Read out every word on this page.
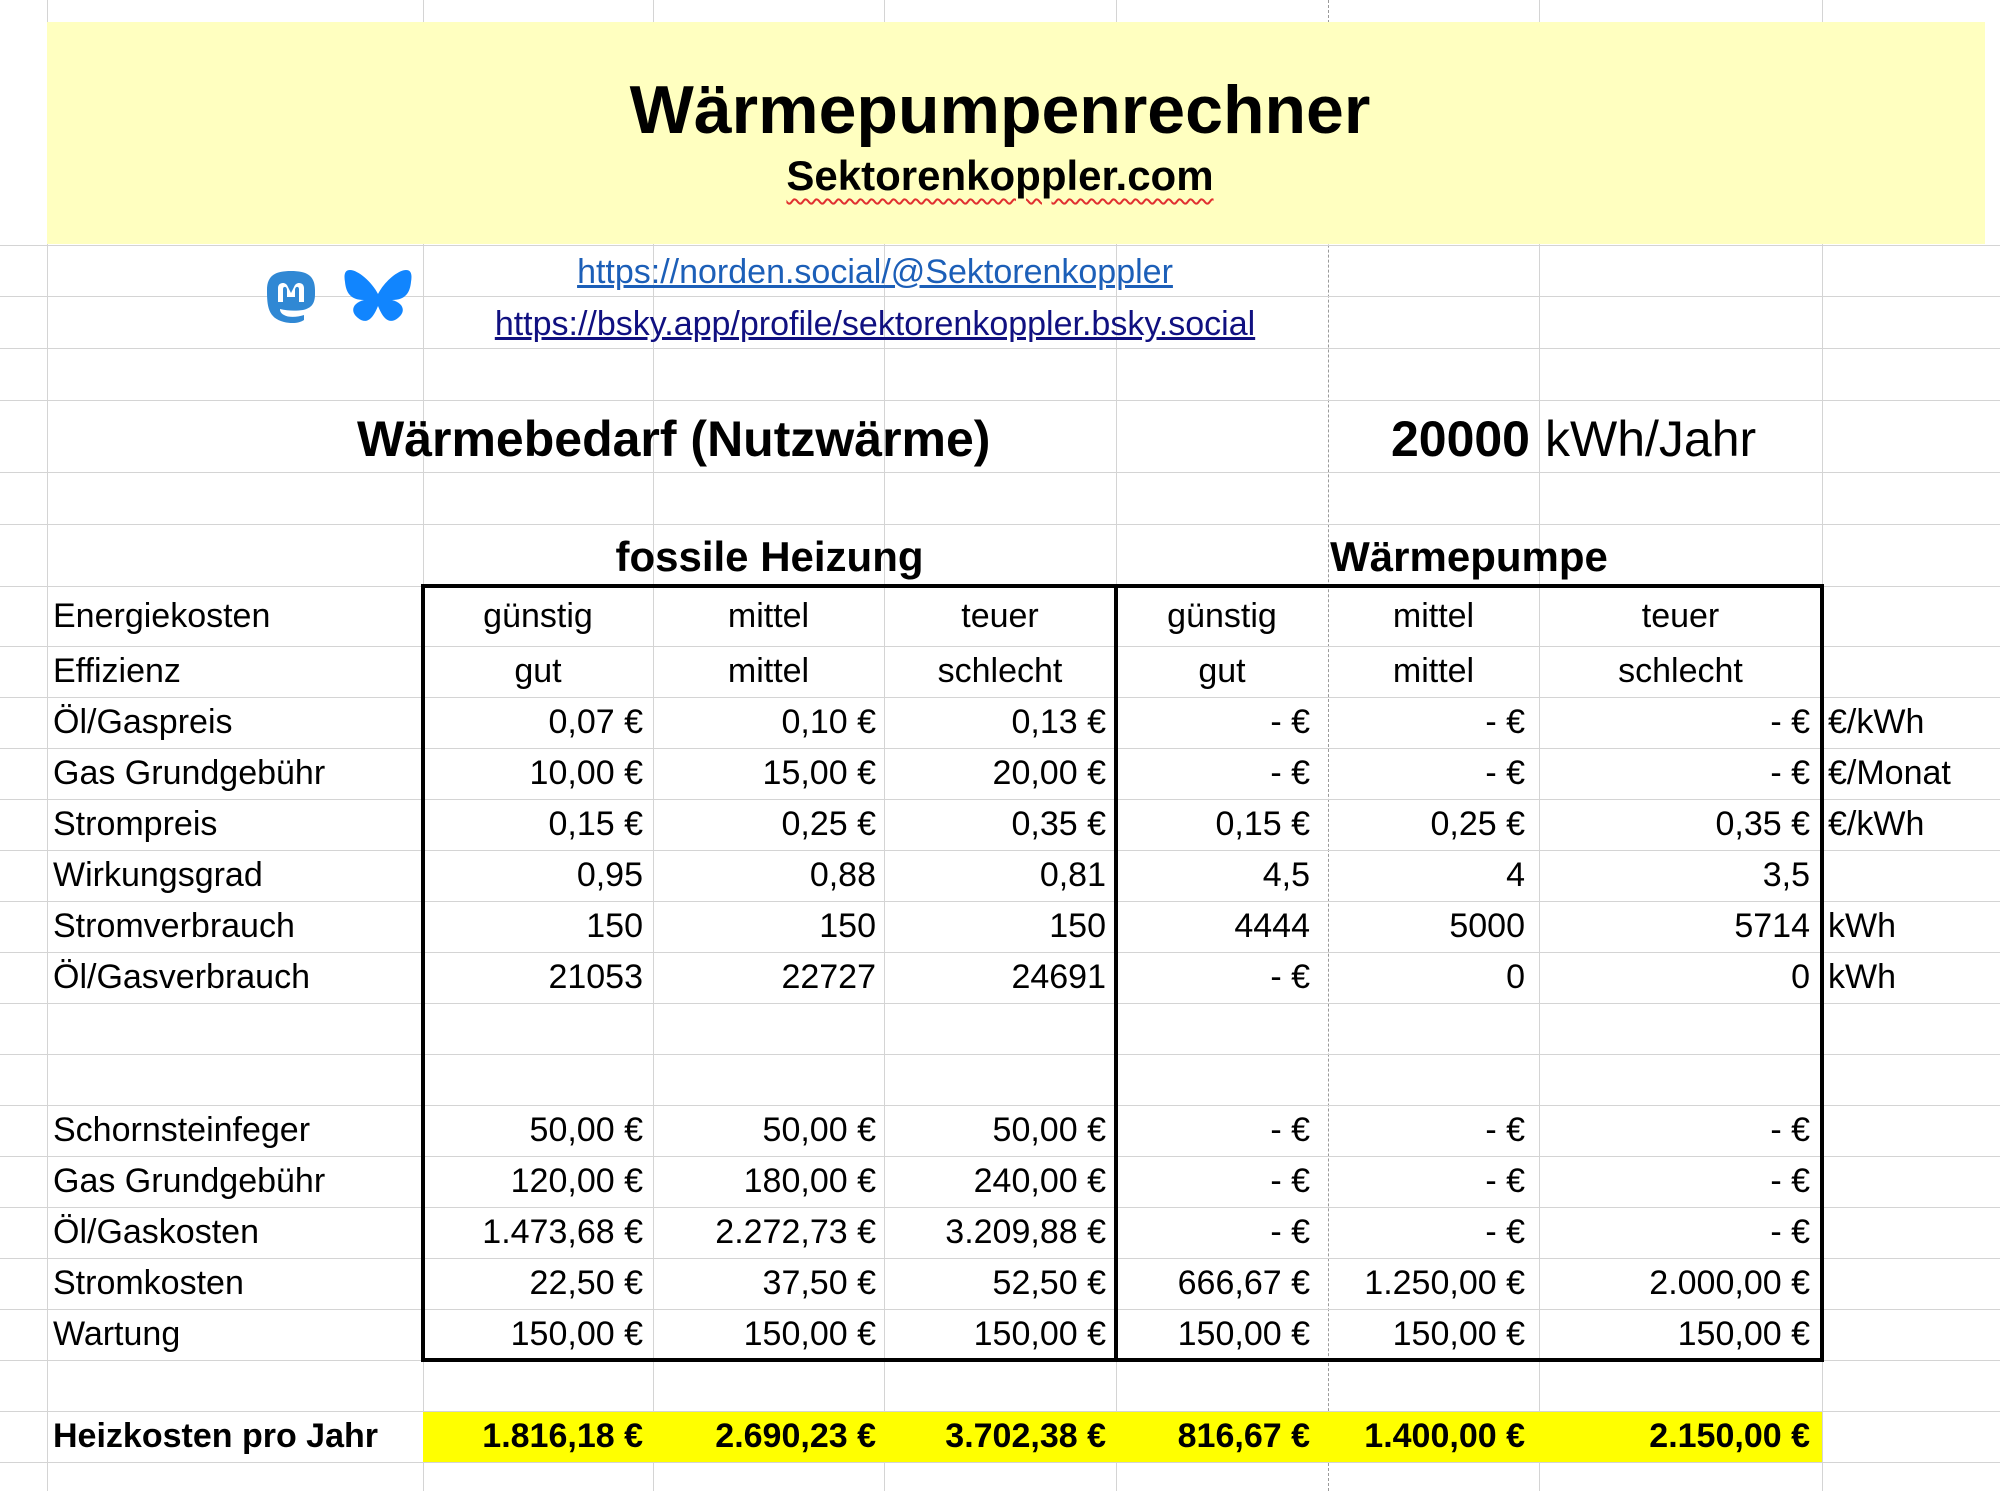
Wärmepumpenrechner
Sektorenkoppler.com
https://norden.social/@Sektorenkoppler
https://bsky.app/profile/sektorenkoppler.bsky.social
Wärmebedarf (Nutzwärme)	20000 kWh/Jahr
fossile Heizung	Wärmepumpe
Energiekosten	günstig	mittel	teuer	günstig	mittel	teuer
Effizienz	gut	mittel	schlecht	gut	mittel	schlecht
Öl/Gaspreis	0,07 €	0,10 €	0,13 €	- €	- €	- € €/kWh
Gas Grundgebühr	10,00 €	15,00 €	20,00 €	- €	- €	- € €/Monat
Strompreis	0,15 €	0,25 €	0,35 €	0,15 €	0,25 €	0,35 € €/kWh
Wirkungsgrad	0,95	0,88	0,81	4,5	4	3,5
Stromverbrauch	150	150	150	4444	5000	5714 kWh
Öl/Gasverbrauch	21053	22727	24691	- €	0	0 kWh
Schornsteinfeger	50,00 €	50,00 €	50,00 €	- €	- €	- €
Gas Grundgebühr	120,00 €	180,00 €	240,00 €	- €	- €	- €
Öl/Gaskosten	1.473,68 €	2.272,73 €	3.209,88 €	- €	- €	- €
Stromkosten	22,50 €	37,50 €	52,50 €	666,67 €	1.250,00 €	2.000,00 €
Wartung	150,00 €	150,00 €	150,00 €	150,00 €	150,00 €	150,00 €
Heizkosten pro Jahr	1.816,18 €	2.690,23 €	3.702,38 €	816,67 €	1.400,00 €	2.150,00 €
